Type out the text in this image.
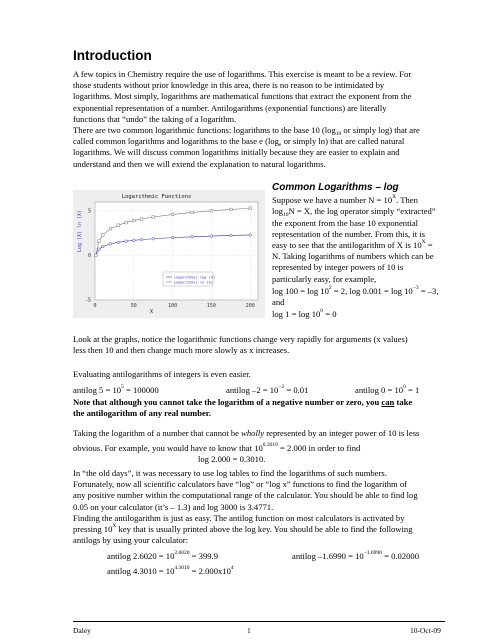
Introduction
A few topics in Chemistry require the use of logarithms. This exercise is meant to be a review. For
those students without prior knowledge in this area, there is no reason to be intimidated by
logarithms. Most simply, logarithms are mathematical functions that extract the exponent from the
exponential representation of a number. Antilogarithms (exponential functions) are literally
functions that “undo” the taking of a logarithm.
There are two common logarithmic functions: logarithms to the base 10 ($\log_{10}$ or simply log) that are
called common logarithms and logarithms to the base e ($\log_e$ or simply ln) that are called natural
logarithms. We will discuss common logarithms initially because they are easier to explain and
understand and then we will extend the explanation to natural logarithms.
0	50	100	150	200
-5
0
5
Logarithmic Functions
X
Log (X) ln (X)
Logarithmic log (X)
Logarithmic ln (X)
Common Logarithms – log
Suppose we have a number $N = 10^X$. Then
$\log_{10}N = X$, the log operator simply “extracted”
the exponent from the base 10 exponential
representation of the number. From this, it is
easy to see that the antilogarithm of X is $10^X$ =
N. Taking logarithms of numbers which can be
represented by integer powers of 10 is
particularly easy, for example,
$\log 100 = \log 10^2 = 2$, $\log 0.001 = \log 10^{-3} = -3$,
and
$\log 1 = \log 10^0 = 0$
Look at the graphs, notice the logarithmic functions change very rapidly for arguments (x values)
less then 10 and then change much more slowly as x increases.
Evaluating antilogarithms of integers is even easier.
antilog $5 = 10^5 = 100000$	antilog $-2 = 10^{-2} = 0.01$	antilog $0 = 10^0 = 1$
Note that although you cannot take the logarithm of a negative number or zero, you can take
the antilogarithm of any real number.
Taking the logarithm of a number that cannot be wholly represented by an integer power of 10 is less
obvious. For example, you would have to know that $10^{0.3010} = 2.000$ in order to find
log 2.000 = 0.3010.
In “the old days”, it was necessary to use log tables to find the logarithms of such numbers.
Fortunately, now all scientific calculators have “log” or “log x” functions to find the logarithm of
any positive number within the computational range of the calculator. You should be able to find log
0.05 on your calculator (it’s – 1.3) and log 3000 is 3.4771.
Finding the antilogarithm is just as easy. The antilog function on most calculators is activated by
pressing $10^X$ key that is usually printed above the log key. You should be able to find the following
antilogs by using your calculator:
antilog $2.6020 = 10^{2.6020} = 399.9$	antilog $-1.6990 = 10^{-1.6990} = 0.02000$
antilog $4.3010 = 10^{4.3010} = 2.000x10^4$
Daley	1	10-Oct-09
